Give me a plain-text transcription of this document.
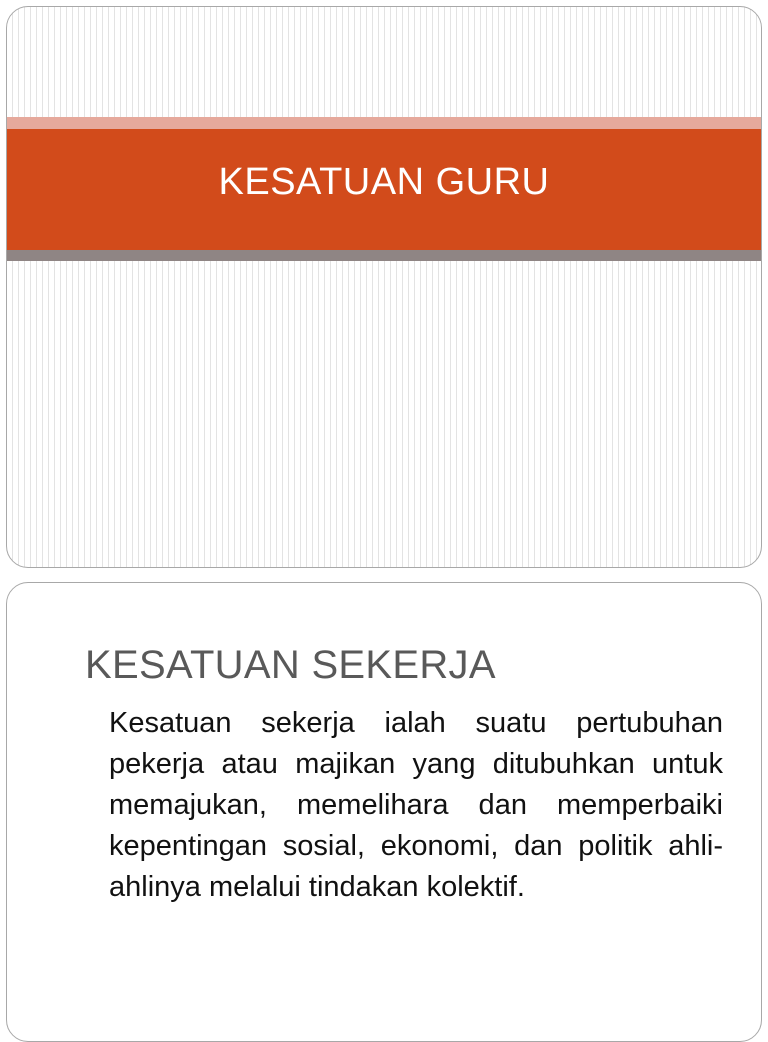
KESATUAN GURU
KESATUAN SEKERJA
Kesatuan sekerja ialah suatu pertubuhan pekerja atau majikan yang ditubuhkan untuk memajukan, memelihara dan memperbaiki kepentingan sosial, ekonomi, dan politik ahli-ahlinya melalui tindakan kolektif.
